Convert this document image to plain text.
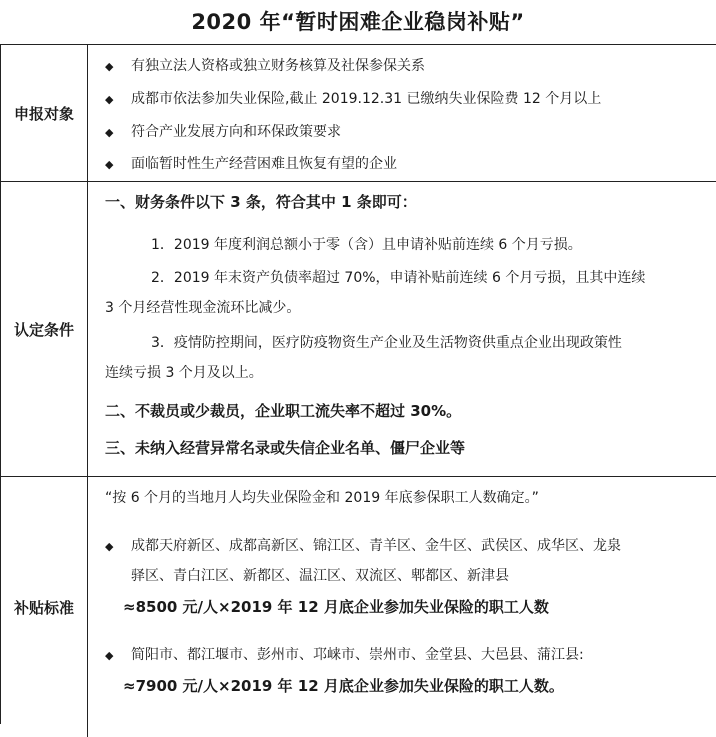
2020 年“暂时困难企业稳岗补贴”
申报对象
◆ 有独立法人资格或独立财务核算及社保参保关系
◆ 成都市依法参加失业保险,截止 2019.12.31 已缴纳失业保险费 12 个月以上
◆ 符合产业发展方向和环保政策要求
◆ 面临暂时性生产经营困难且恢复有望的企业
认定条件
一、财务条件以下 3 条，符合其中 1 条即可：
1．2019 年度利润总额小于零（含）且申请补贴前连续 6 个月亏损。
2．2019 年末资产负债率超过 70%，申请补贴前连续 6 个月亏损，且其中连续
3 个月经营性现金流环比减少。
3．疫情防控期间，医疗防疫物资生产企业及生活物资供重点企业出现政策性
连续亏损 3 个月及以上。
二、不裁员或少裁员，企业职工流失率不超过 30%。
三、未纳入经营异常名录或失信企业名单、僵尸企业等
补贴标准
“按 6 个月的当地月人均失业保险金和 2019 年底参保职工人数确定。”
◆ 成都天府新区、成都高新区、锦江区、青羊区、金牛区、武侯区、成华区、龙泉
驿区、青白江区、新都区、温江区、双流区、郫都区、新津县
≈8500 元/人×2019 年 12 月底企业参加失业保险的职工人数
◆ 简阳市、都江堰市、彭州市、邛崃市、崇州市、金堂县、大邑县、蒲江县:
≈7900 元/人×2019 年 12 月底企业参加失业保险的职工人数。
